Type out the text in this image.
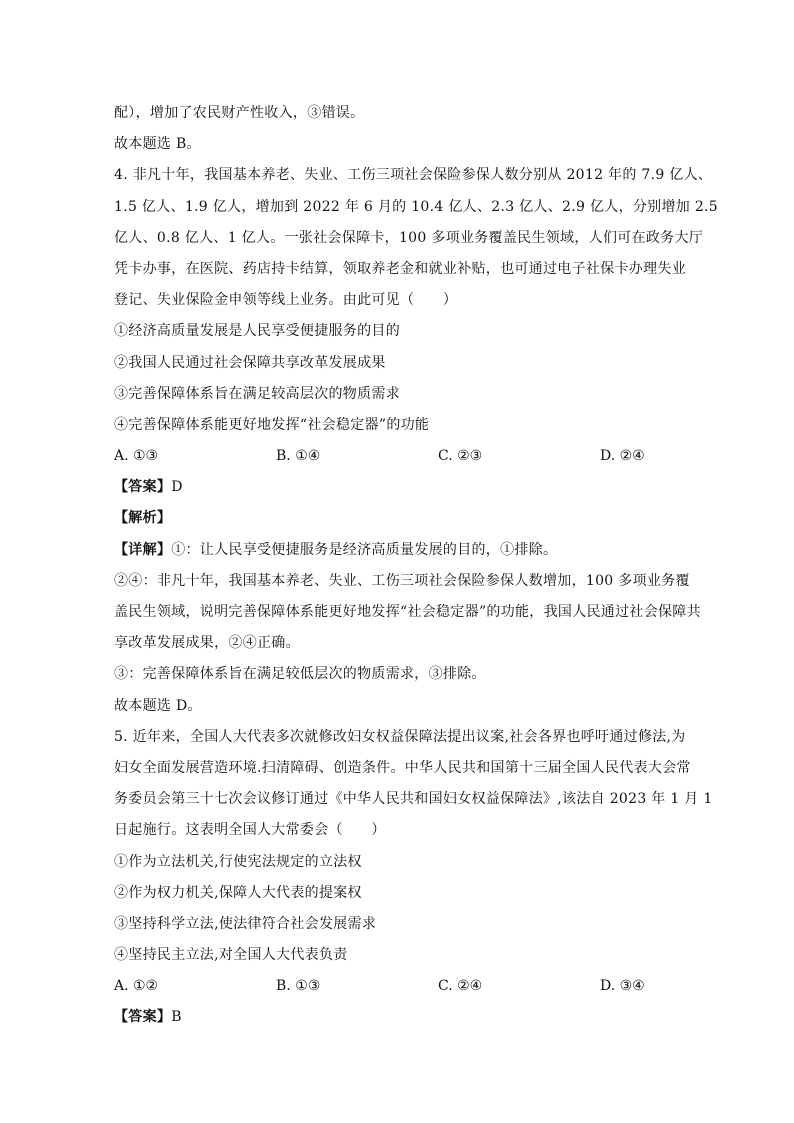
配），增加了农民财产性收入，③错误。
故本题选 B。
4. 非凡十年，我国基本养老、失业、工伤三项社会保险参保人数分别从 2012 年的 7.9 亿人、
1.5 亿人、1.9 亿人，增加到 2022 年 6 月的 10.4 亿人、2.3 亿人、2.9 亿人，分别增加 2.5
亿人、0.8 亿人、1 亿人。一张社会保障卡，100 多项业务覆盖民生领域，人们可在政务大厅
凭卡办事，在医院、药店持卡结算，领取养老金和就业补贴，也可通过电子社保卡办理失业
登记、失业保险金申领等线上业务。由此可见（　　）
①经济高质量发展是人民享受便捷服务的目的
②我国人民通过社会保障共享改革发展成果
③完善保障体系旨在满足较高层次的物质需求
④完善保障体系能更好地发挥“社会稳定器”的功能
A. ①③	B. ①④	C. ②③	D. ②④
【答案】D
【解析】
【详解】①：让人民享受便捷服务是经济高质量发展的目的，①排除。
②④：非凡十年，我国基本养老、失业、工伤三项社会保险参保人数增加，100 多项业务覆
盖民生领域，说明完善保障体系能更好地发挥“社会稳定器”的功能，我国人民通过社会保障共
享改革发展成果，②④正确。
③：完善保障体系旨在满足较低层次的物质需求，③排除。
故本题选 D。
5. 近年来，全国人大代表多次就修改妇女权益保障法提出议案,社会各界也呼吁通过修法,为
妇女全面发展营造环境.扫清障碍、创造条件。中华人民共和国第十三届全国人民代表大会常
务委员会第三十七次会议修订通过《中华人民共和国妇女权益保障法》,该法自 2023 年 1 月 1
日起施行。这表明全国人大常委会（　　）
①作为立法机关,行使宪法规定的立法权
②作为权力机关,保障人大代表的提案权
③坚持科学立法,使法律符合社会发展需求
④坚持民主立法,对全国人大代表负责
A. ①②	B. ①③	C. ②④	D. ③④
【答案】B
